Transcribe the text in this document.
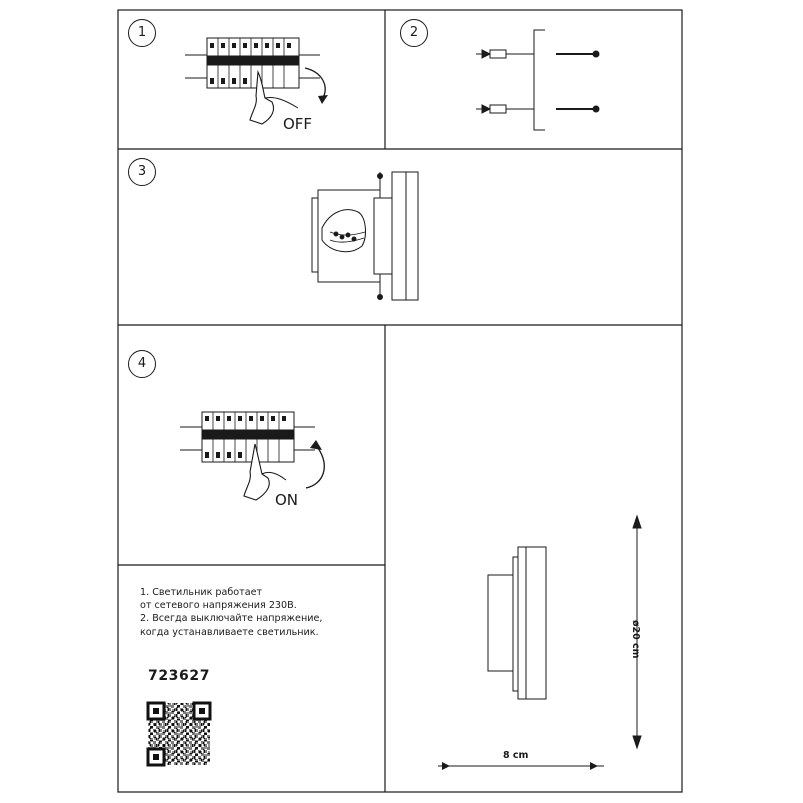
1	2
3
4
OFF
ON
1. Светильник работает
от сетевого напряжения 230В.
2. Всегда выключайте напряжение,
когда устанавливаете светильник.
723627
8 cm
ø20 cm
